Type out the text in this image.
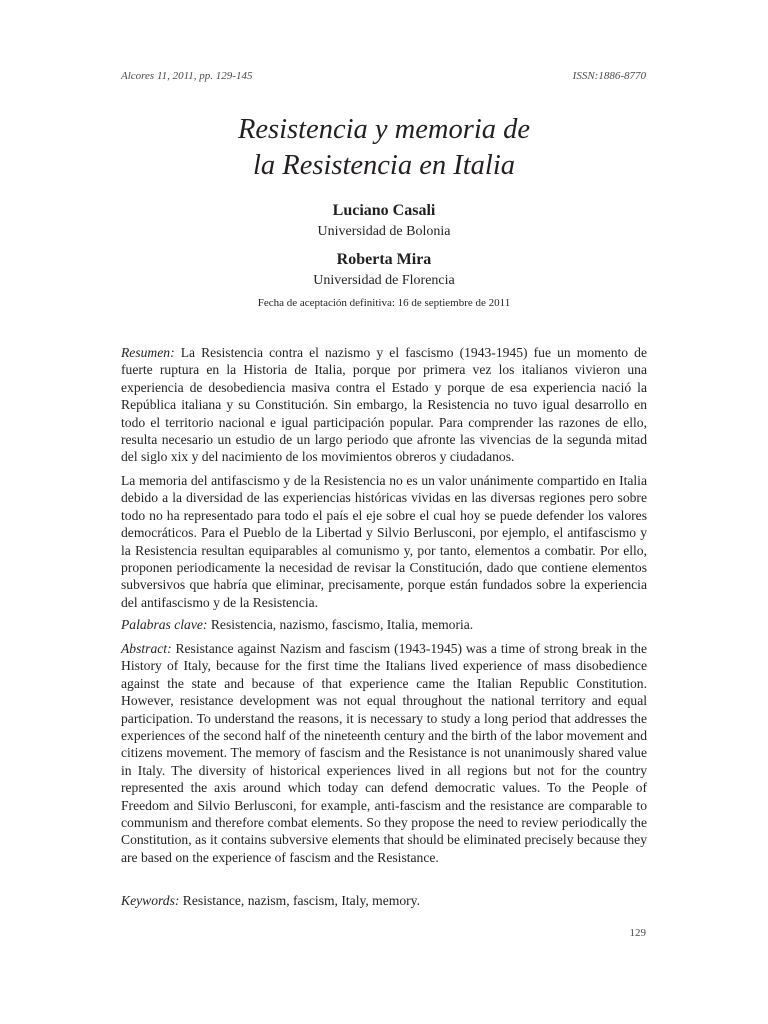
Alcores 11, 2011, pp. 129-145	ISSN:1886-8770
Resistencia y memoria de
la Resistencia en Italia
Luciano Casali
Universidad de Bolonia
Roberta Mira
Universidad de Florencia
Fecha de aceptación definitiva: 16 de septiembre de 2011

Resumen: La Resistencia contra el nazismo y el fascismo (1943-1945) fue un momento de fuerte ruptura en la Historia de Italia, porque por primera vez los italianos vivieron una experiencia de desobediencia masiva contra el Estado y porque de esa experiencia nació la República italiana y su Constitución. Sin embargo, la Resistencia no tuvo igual desarrollo en todo el territorio nacional e igual participación popular. Para comprender las razones de ello, resulta necesario un estudio de un largo periodo que afronte las vivencias de la segunda mitad del siglo xix y del nacimiento de los movimientos obreros y ciudadanos.

La memoria del antifascismo y de la Resistencia no es un valor unánimente compartido en Italia debido a la diversidad de las experiencias históricas vividas en las diversas regiones pero sobre todo no ha representado para todo el país el eje sobre el cual hoy se puede defender los valores democráticos. Para el Pueblo de la Libertad y Silvio Berlusconi, por ejemplo, el antifascismo y la Resistencia resultan equiparables al comunismo y, por tanto, elementos a combatir. Por ello, proponen periodicamente la necesidad de revisar la Constitución, dado que contiene elementos subversivos que habría que eliminar, precisamente, porque están fundados sobre la experiencia del antifascismo y de la Resistencia.

Palabras clave: Resistencia, nazismo, fascismo, Italia, memoria.

Abstract: Resistance against Nazism and fascism (1943-1945) was a time of strong break in the History of Italy, because for the first time the Italians lived experience of mass disobedience against the state and because of that experience came the Italian Republic Constitution. However, resistance development was not equal throughout the national territory and equal participation. To understand the reasons, it is necessary to study a long period that addresses the experiences of the second half of the nineteenth century and the birth of the labor movement and citizens movement. The memory of fascism and the Resistance is not unanimously shared value in Italy. The diversity of historical experiences lived in all regions but not for the country represented the axis around which today can defend democratic values. To the People of Freedom and Silvio Berlusconi, for example, anti-fascism and the resistance are comparable to communism and therefore combat elements. So they propose the need to review periodically the Constitution, as it contains subversive elements that should be eliminated precisely because they are based on the experience of fascism and the Resistance.

Keywords: Resistance, nazism, fascism, Italy, memory.

129
